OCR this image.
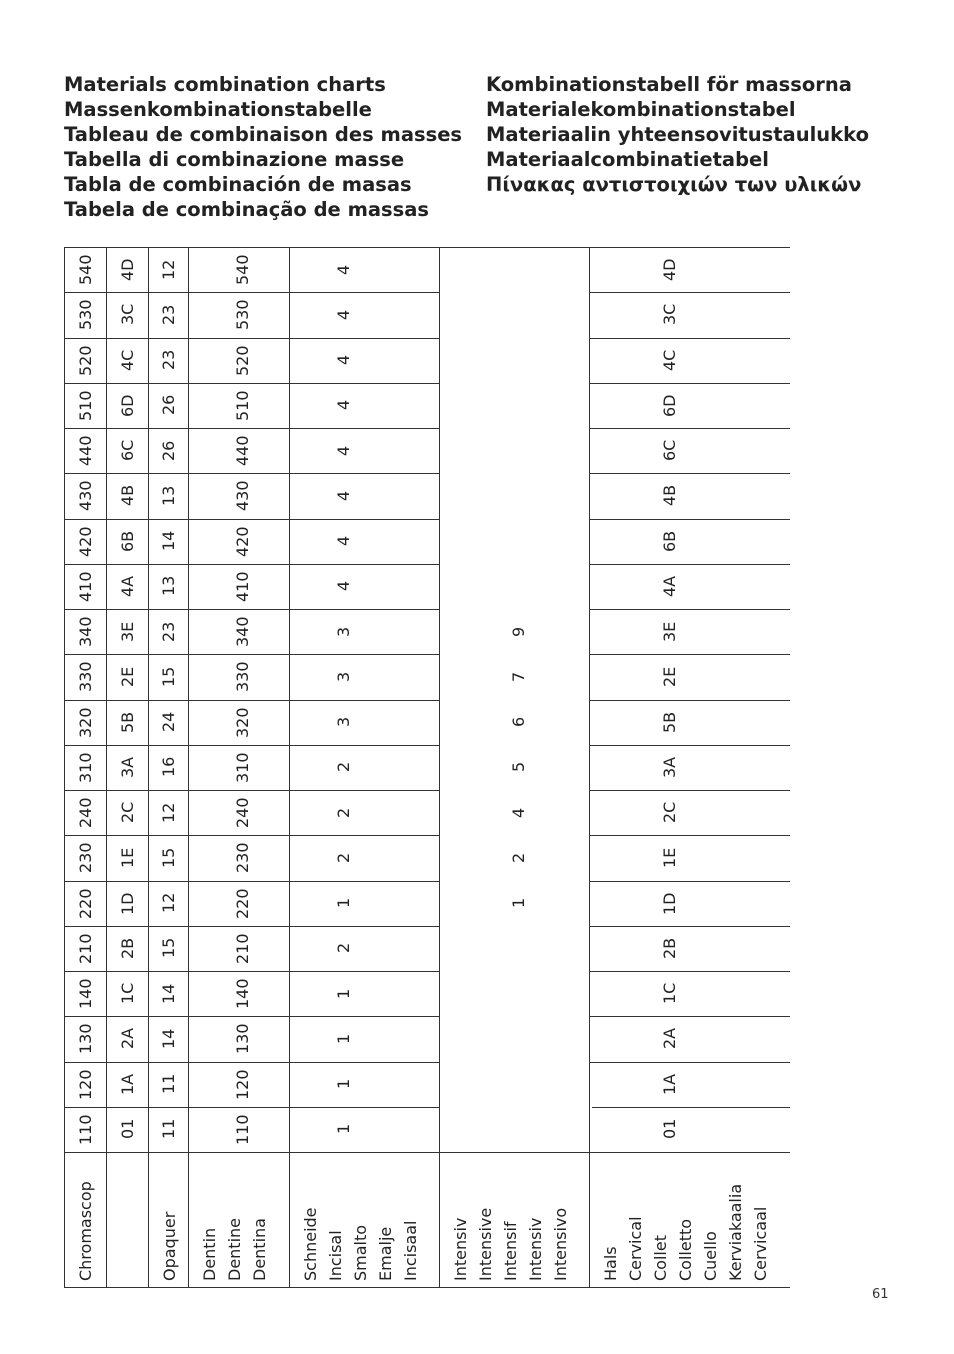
Materials combination charts
Massenkombinationstabelle
Tableau de combinaison des masses
Tabella di combinazione masse
Tabla de combinación de masas
Tabela de combinação de massas
Kombinationstabell för massorna
Materialekombinationstabel
Materiaalin yhteensovitustaulukko
Materiaalcombinatietabel
Πίνακας αντιστοιχιών των υλικών
110
120
130
140
210
220
230
240
310
320
330
340
410
420
430
440
510
520
530
540
01
1A
2A
1C
2B
1D
1E
2C
3A
5B
2E
3E
4A
6B
4B
6C
6D
4C
3C
4D
11
11
14
14
15
12
15
12
16
24
15
23
13
14
13
26
26
23
23
12
110
120
130
140
210
220
230
240
310
320
330
340
410
420
430
440
510
520
530
540
1
1
1
1
2
1
2
2
2
3
3
3
4
4
4
4
4
4
4
4
01
1A
2A
1C
2B
1D
1E
2C
3A
5B
2E
3E
4A
6B
4B
6C
6D
4C
3C
4D
1
2
4
5
6
7
9
Chromascop	Opaquer Dentin Dentine Dentina Schneide Incisal Smalto Emalje Incisaal Intensiv Intensive Intensif Intensiv Intensivo Hals Cervical Collet Colletto Cuello Kerviakaalia Cervicaal
61
